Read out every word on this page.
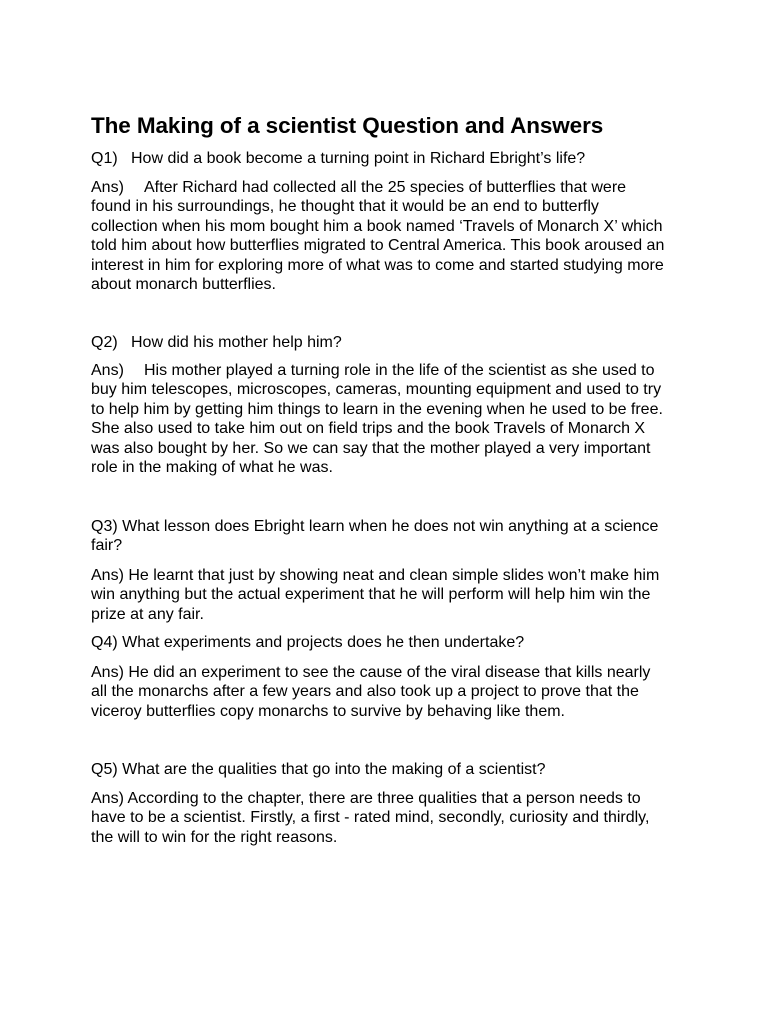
The Making of a scientist Question and Answers

Q1) How did a book become a turning point in Richard Ebright’s life?

Ans) After Richard had collected all the 25 species of butterflies that were
found in his surroundings, he thought that it would be an end to butterfly
collection when his mom bought him a book named ‘Travels of Monarch X’ which
told him about how butterflies migrated to Central America. This book aroused an
interest in him for exploring more of what was to come and started studying more
about monarch butterflies.

Q2) How did his mother help him?

Ans) His mother played a turning role in the life of the scientist as she used to
buy him telescopes, microscopes, cameras, mounting equipment and used to try
to help him by getting him things to learn in the evening when he used to be free.
She also used to take him out on field trips and the book Travels of Monarch X
was also bought by her. So we can say that the mother played a very important
role in the making of what he was.
Q3) What lesson does Ebright learn when he does not win anything at a science
fair?
Ans) He learnt that just by showing neat and clean simple slides won’t make him
win anything but the actual experiment that he will perform will help him win the
prize at any fair.
Q4) What experiments and projects does he then undertake?
Ans) He did an experiment to see the cause of the viral disease that kills nearly
all the monarchs after a few years and also took up a project to prove that the
viceroy butterflies copy monarchs to survive by behaving like them.
Q5) What are the qualities that go into the making of a scientist?
Ans) According to the chapter, there are three qualities that a person needs to
have to be a scientist. Firstly, a first - rated mind, secondly, curiosity and thirdly,
the will to win for the right reasons.
